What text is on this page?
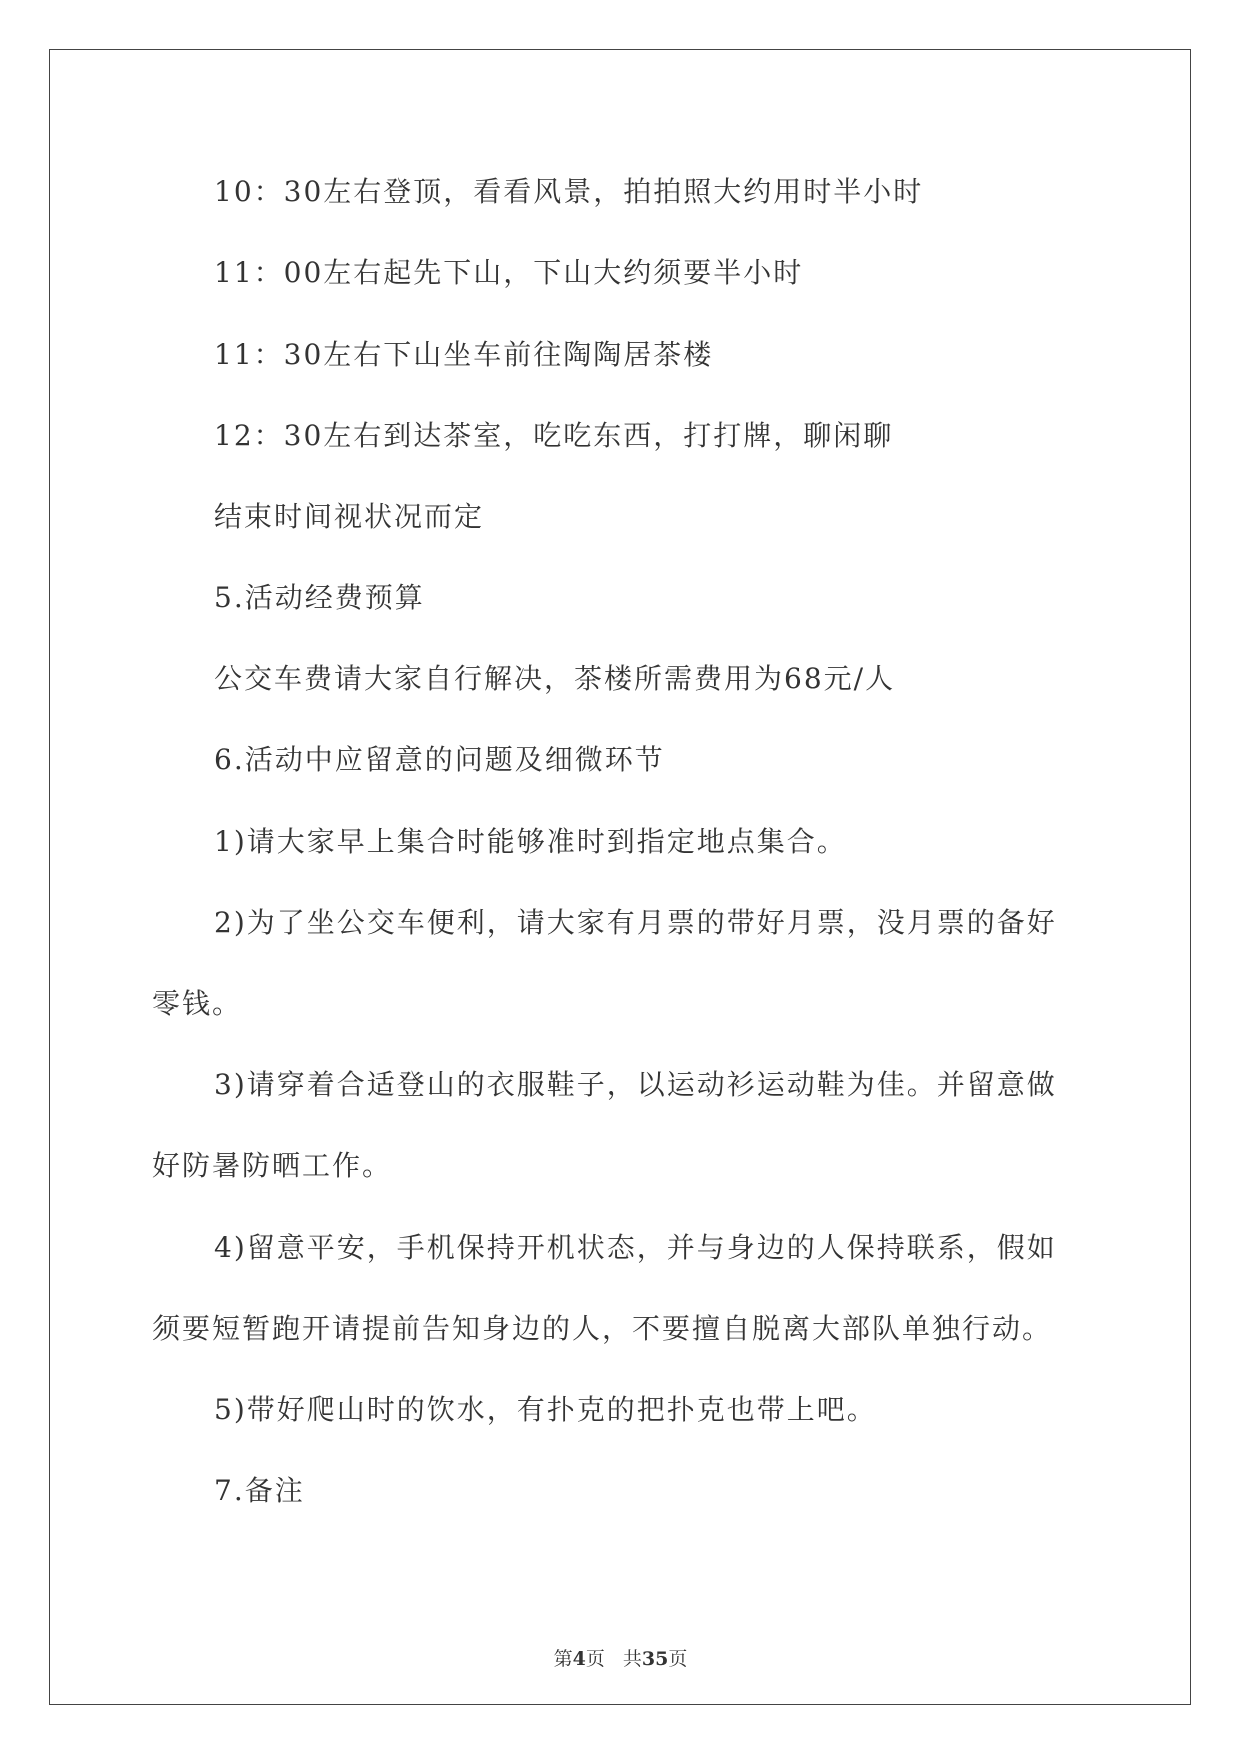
10：30左右登顶，看看风景，拍拍照大约用时半小时
11：00左右起先下山，下山大约须要半小时
11：30左右下山坐车前往陶陶居茶楼
12：30左右到达茶室，吃吃东西，打打牌，聊闲聊
结束时间视状况而定
5.活动经费预算
公交车费请大家自行解决，茶楼所需费用为68元/人
6.活动中应留意的问题及细微环节
1)请大家早上集合时能够准时到指定地点集合。
2)为了坐公交车便利，请大家有月票的带好月票，没月票的备好
零钱。
3)请穿着合适登山的衣服鞋子，以运动衫运动鞋为佳。并留意做
好防暑防晒工作。
4)留意平安，手机保持开机状态，并与身边的人保持联系，假如
须要短暂跑开请提前告知身边的人，不要擅自脱离大部队单独行动。
5)带好爬山时的饮水，有扑克的把扑克也带上吧。
7.备注
第4页 共35页
